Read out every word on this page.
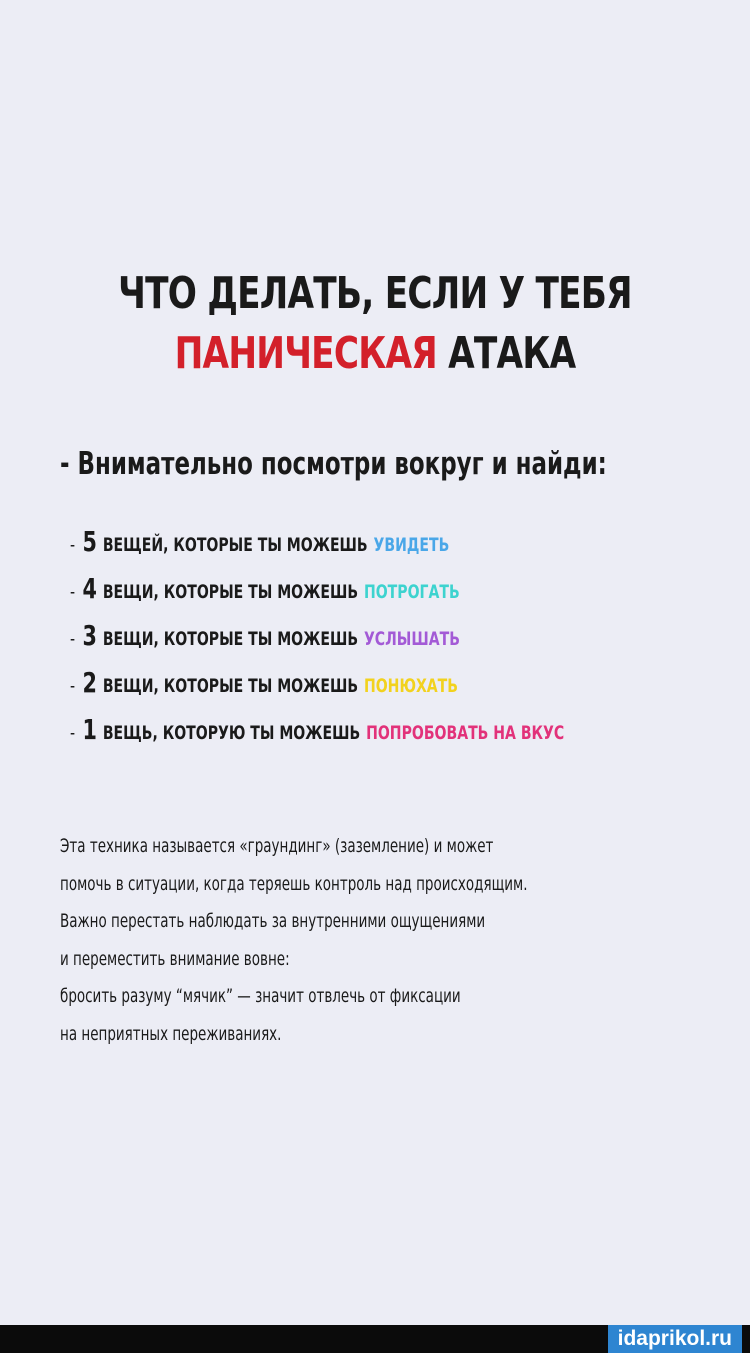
ЧТО ДЕЛАТЬ, ЕСЛИ У ТЕБЯ
ПАНИЧЕСКАЯ АТАКА
- Внимательно посмотри вокруг и найди:
- 5 ВЕЩЕЙ, КОТОРЫЕ ТЫ МОЖЕШЬ УВИДЕТЬ
- 4 ВЕЩИ, КОТОРЫЕ ТЫ МОЖЕШЬ ПОТРОГАТЬ
- 3 ВЕЩИ, КОТОРЫЕ ТЫ МОЖЕШЬ УСЛЫШАТЬ
- 2 ВЕЩИ, КОТОРЫЕ ТЫ МОЖЕШЬ ПОНЮХАТЬ
- 1 ВЕЩЬ, КОТОРУЮ ТЫ МОЖЕШЬ ПОПРОБОВАТЬ НА ВКУС
Эта техника называется «граундинг» (заземление) и может
помочь в ситуации, когда теряешь контроль над происходящим.
Важно перестать наблюдать за внутренними ощущениями
и переместить внимание вовне:
бросить разуму “мячик” — значит отвлечь от фиксации
на неприятных переживаниях.
idaprikol.ru
